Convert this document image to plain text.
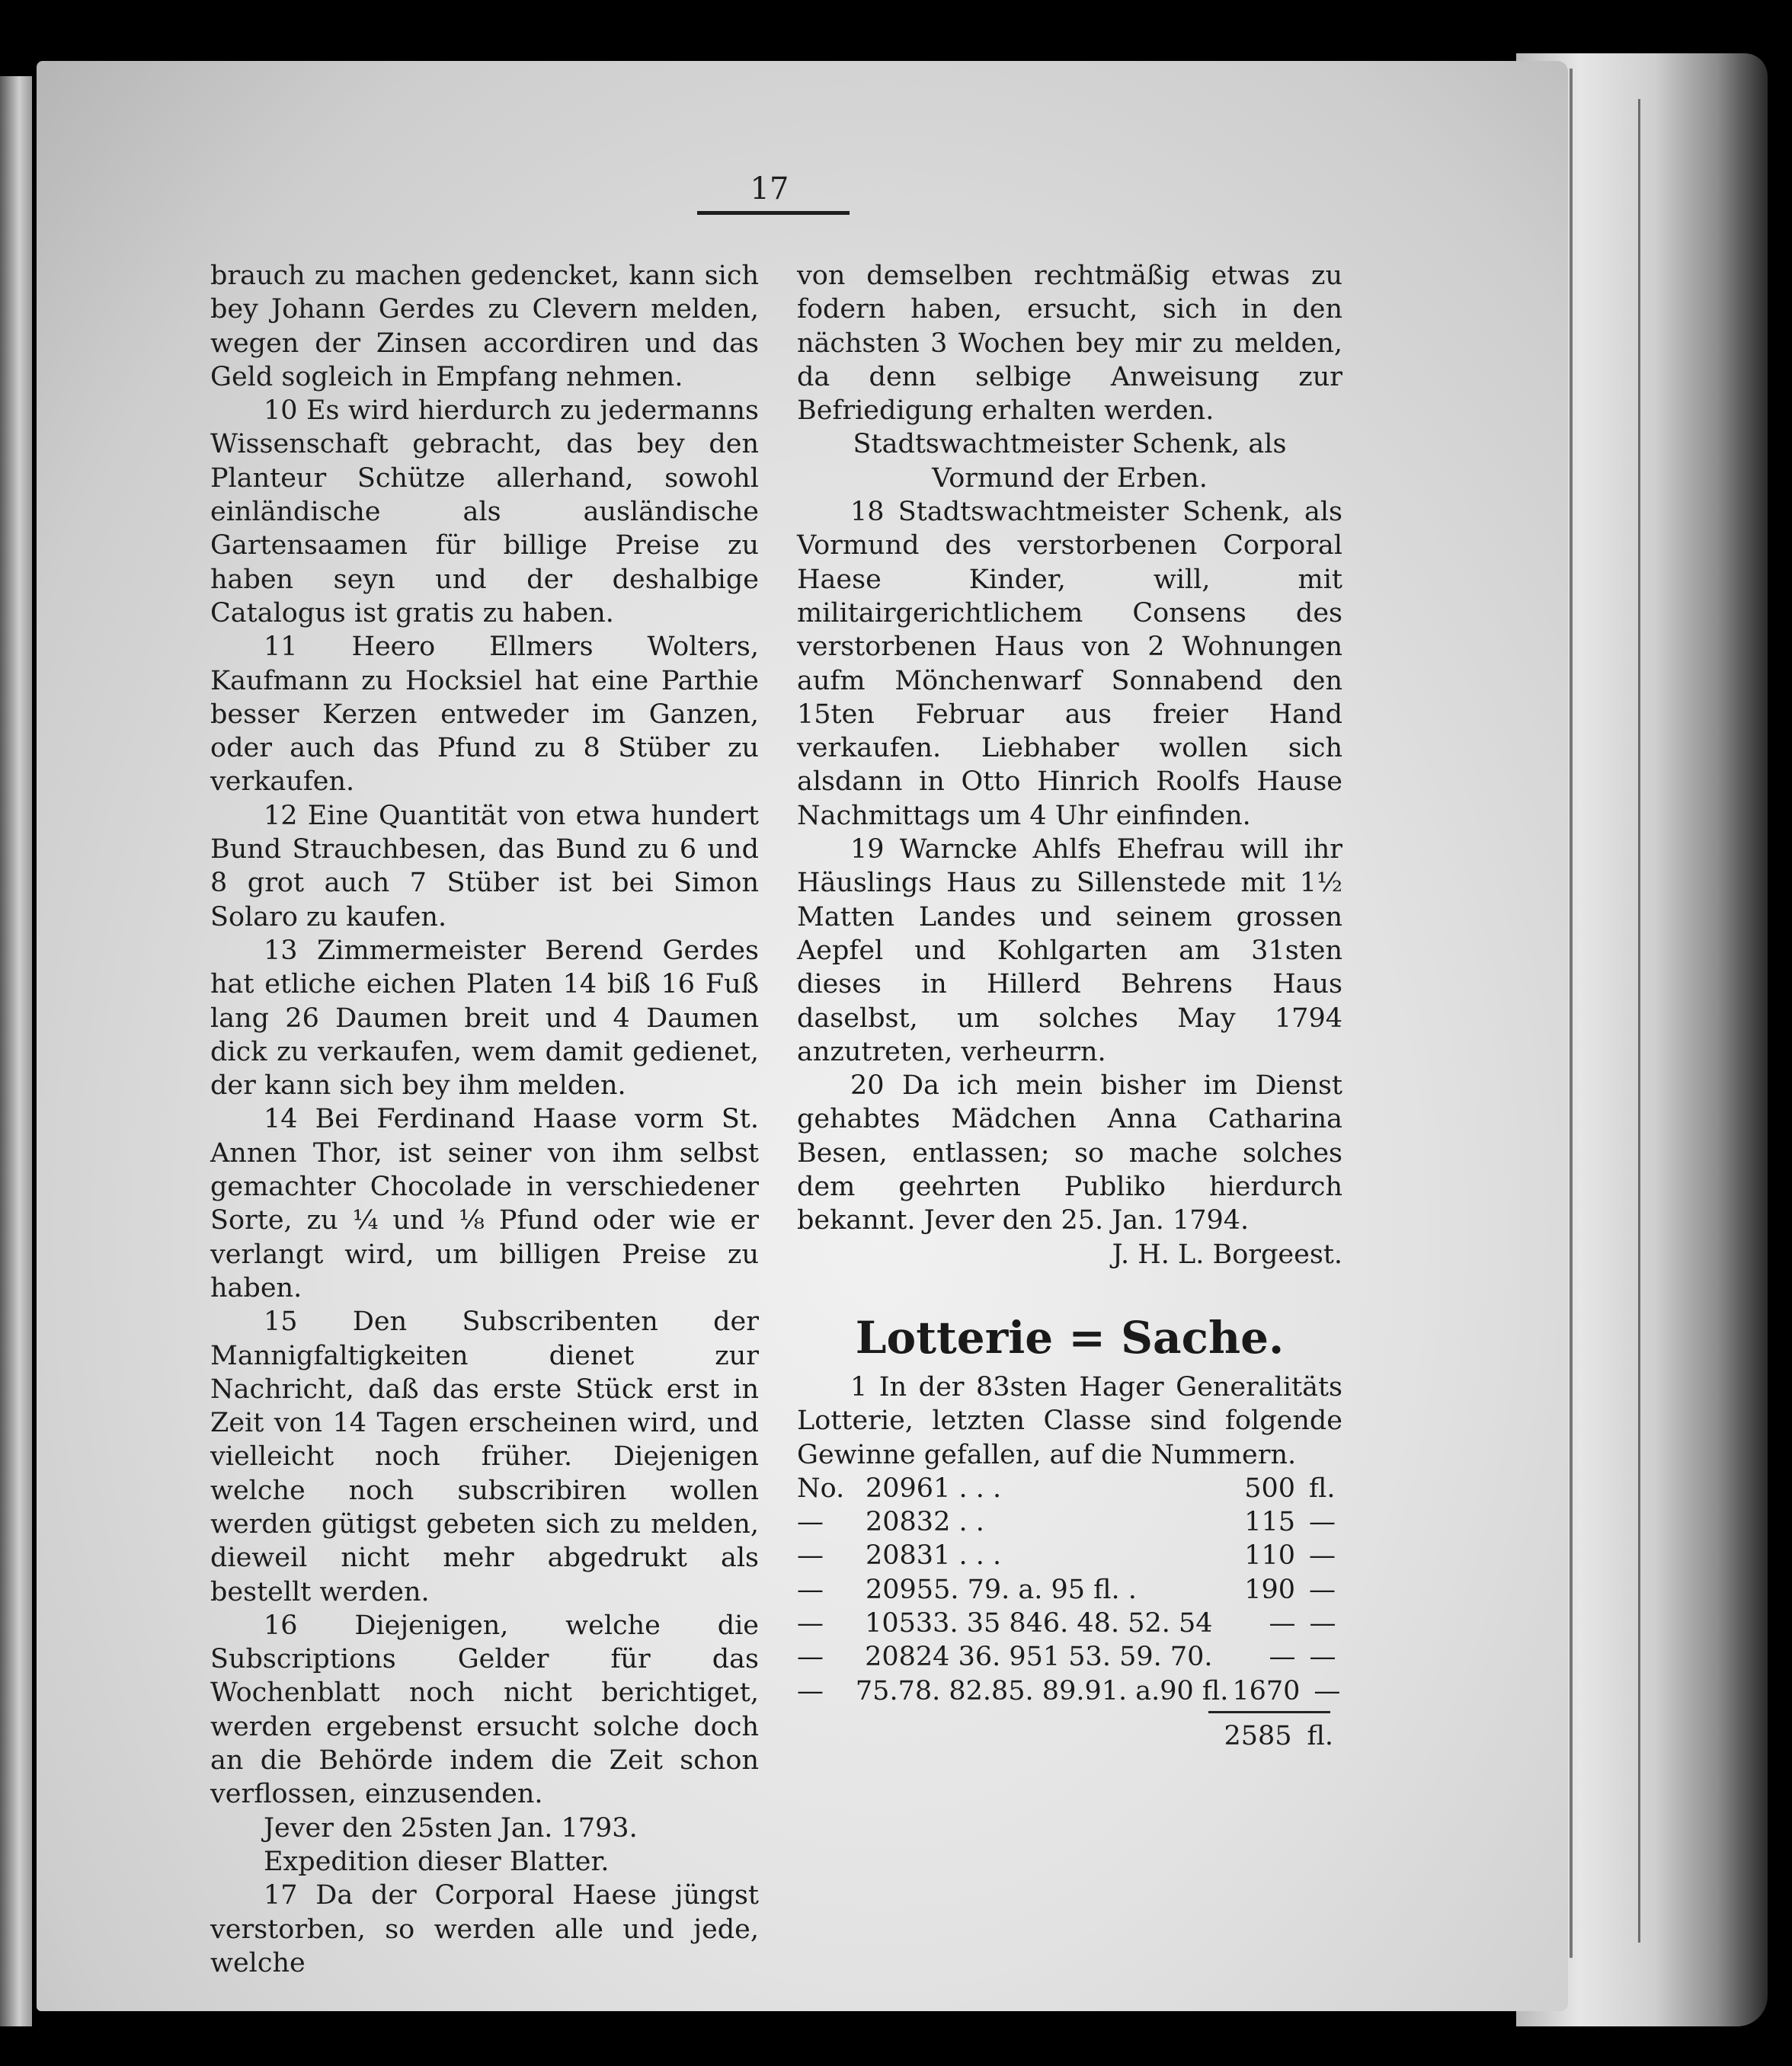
17

brauch zu machen gedencket, kann sich bey Johann Gerdes zu Clevern melden, wegen der Zinsen accordiren und das Geld sogleich in Empfang nehmen.

10 Es wird hierdurch zu jedermanns Wissenschaft gebracht, das bey den Planteur Schütze allerhand, sowohl einländische als ausländische Gartensaamen für billige Preise zu haben seyn und der deshalbige Catalogus ist gratis zu haben.

11 Heero Ellmers Wolters, Kaufmann zu Hocksiel hat eine Parthie besser Kerzen entweder im Ganzen, oder auch das Pfund zu 8 Stüber zu verkaufen.

12 Eine Quantität von etwa hundert Bund Strauchbesen, das Bund zu 6 und 8 grot auch 7 Stüber ist bei Simon Solaro zu kaufen.

13 Zimmermeister Berend Gerdes hat etliche eichen Platen 14 biß 16 Fuß lang 26 Daumen breit und 4 Daumen dick zu verkaufen, wem damit gedienet, der kann sich bey ihm melden.

14 Bei Ferdinand Haase vorm St. Annen Thor, ist seiner von ihm selbst gemachter Chocolade in verschiedener Sorte, zu ¼ und ⅛ Pfund oder wie er verlangt wird, um billigen Preise zu haben.

15 Den Subscribenten der Mannigfaltigkeiten dienet zur Nachricht, daß das erste Stück erst in Zeit von 14 Tagen erscheinen wird, und vielleicht noch früher. Diejenigen welche noch subscribiren wollen werden gütigst gebeten sich zu melden, dieweil nicht mehr abgedrukt als bestellt werden.

16 Diejenigen, welche die Subscriptions Gelder für das Wochenblatt noch nicht berichtiget, werden ergebenst ersucht solche doch an die Behörde indem die Zeit schon verflossen, einzusenden.

Jever den 25sten Jan. 1793.

Expedition dieser Blatter.

17 Da der Corporal Haese jüngst verstorben, so werden alle und jede, welche

von demselben rechtmäßig etwas zu fodern haben, ersucht, sich in den nächsten 3 Wochen bey mir zu melden, da denn selbige Anweisung zur Befriedigung erhalten werden.

Stadtswachtmeister Schenk, als Vormund der Erben.

18 Stadtswachtmeister Schenk, als Vormund des verstorbenen Corporal Haese Kinder, will, mit militairgerichtlichem Consens des verstorbenen Haus von 2 Wohnungen aufm Mönchenwarf Sonnabend den 15ten Februar aus freier Hand verkaufen. Liebhaber wollen sich alsdann in Otto Hinrich Roolfs Hause Nachmittags um 4 Uhr einfinden.

19 Warncke Ahlfs Ehefrau will ihr Häuslings Haus zu Sillenstede mit 1½ Matten Landes und seinem grossen Aepfel und Kohlgarten am 31sten dieses in Hillerd Behrens Haus daselbst, um solches May 1794 anzutreten, verheurrn.

20 Da ich mein bisher im Dienst gehabtes Mädchen Anna Catharina Besen, entlassen; so mache solches dem geehrten Publiko hierdurch bekannt. Jever den 25. Jan. 1794.

J. H. L. Borgeest.

Lotterie = Sache.

1 In der 83sten Hager Generalitäts Lotterie, letzten Classe sind folgende Gewinne gefallen, auf die Nummern.

No. 20961 . . .	500 fl.
—	20832 . .	115 —
—	20831 . . .	110 —
—	20955. 79. a. 95 fl. .	190 —
—	10533. 35 846. 48. 52. 54	— —
—	20824 36. 951 53. 59. 70.	— —
—	75.78. 82.85. 89.91. a.90 fl. 1670 —
2585 fl.
